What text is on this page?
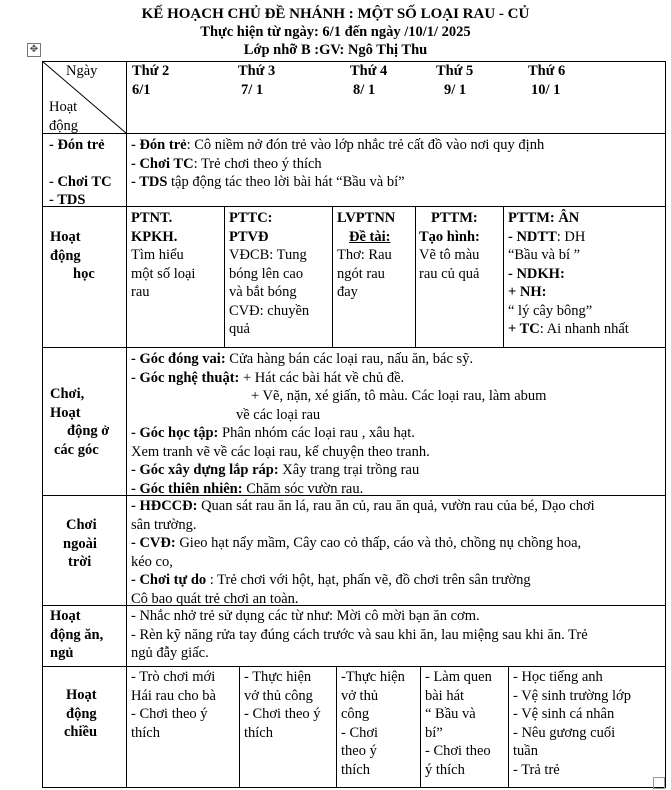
KẾ HOẠCH CHỦ ĐỀ NHÁNH : MỘT SỐ LOẠI RAU - CỦ
Thực hiện từ ngày: 6/1 đến ngày /10/1/ 2025
Lớp nhỡ B :GV: Ngô Thị Thu
✥
Ngày
Hoạt
động
Thứ 2
6/1
Thứ 3
7/ 1
Thứ 4
8/ 1
Thứ 5
9/ 1
Thứ 6
10/ 1
- Đón trẻ
- Chơi TC
- TDS
- Đón trẻ: Cô niềm nở đón trẻ vào lớp nhắc trẻ cất đồ vào nơi quy định
- Chơi TC: Trẻ chơi theo ý thích
- TDS tập động tác theo lời bài hát “Bầu và bí”
Hoạt
động
học
PTNT.
KPKH.
Tìm hiểu
một số loại
rau
PTTC:
PTVĐ
VĐCB: Tung
bóng lên cao
và bắt bóng
CVĐ: chuyền
quả
LVPTNN
Đề tài:
Thơ: Rau
ngót rau
đay
PTTM:
Tạo hình:
Vẽ tô màu
rau củ quả
PTTM: ÂN
- NDTT: DH
“Bầu và bí ”
- NDKH:
+ NH:
“ lý cây bông”
+ TC: Ai nhanh nhất
Chơi,
Hoạt
động ở
các góc
- Góc đóng vai: Cửa hàng bán các loại rau, nấu ăn, bác sỹ.
- Góc nghệ thuật: + Hát các bài hát về chủ đề.
+ Vẽ, nặn, xé giấn, tô màu. Các loại rau, làm abum
về các loại rau
- Góc học tập: Phân nhóm các loại rau , xâu hạt.
Xem tranh vẽ về các loại rau, kể chuyện theo tranh.
- Góc xây dựng lắp ráp: Xây trang trại trồng rau
- Góc thiên nhiên: Chăm sóc vườn rau.
Chơi
ngoài
trời
- HĐCCĐ: Quan sát rau ăn lá, rau ăn củ, rau ăn quả, vườn rau của bé, Dạo chơi
sân trường.
- CVĐ: Gieo hạt nẩy mầm, Cây cao cỏ thấp, cáo và thỏ, chồng nụ chồng hoa,
kéo co,
- Chơi tự do : Trẻ chơi với hột, hạt, phấn vẽ, đồ chơi trên sân trường
Cô bao quát trẻ chơi an toàn.
Hoạt
động ăn,
ngủ
- Nhắc nhở trẻ sử dụng các từ như: Mời cô mời bạn ăn cơm.
- Rèn kỹ năng rửa tay đúng cách trước và sau khi ăn, lau miệng sau khi ăn. Trẻ
ngủ đẫy giấc.
Hoạt
động
chiều
- Trò chơi mới
Hái rau cho bà
- Chơi theo ý
thích
- Thực hiện
vở thủ công
- Chơi theo ý
thích
-Thực hiện
vở thủ
công
- Chơi
theo ý
thích
- Làm quen
bài hát
“ Bầu và
bí”
- Chơi theo
ý thích
- Học tiếng anh
- Vệ sinh trường lớp
- Vệ sinh cá nhân
- Nêu gương cuối
tuần
- Trả trẻ
